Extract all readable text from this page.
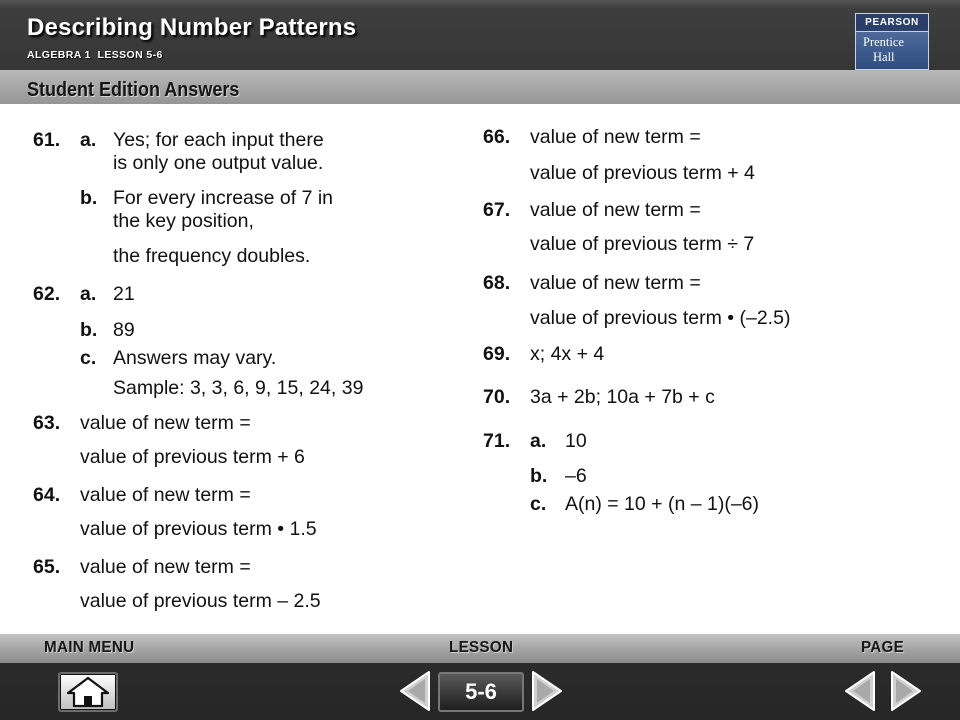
Describing Number Patterns
ALGEBRA 1  LESSON 5-6
Student Edition Answers
PEARSON
Prentice
Hall
61. a. Yes; for each input there
is only one output value.
b. For every increase of 7 in
the key position,
the frequency doubles.
62. a. 21
b. 89
c. Answers may vary.
Sample: 3, 3, 6, 9, 15, 24, 39
63. value of new term =
value of previous term + 6
64. value of new term =
value of previous term • 1.5
65. value of new term =
value of previous term – 2.5
66. value of new term =
value of previous term + 4
67. value of new term =
value of previous term ÷ 7
68. value of new term =
value of previous term • (–2.5)
69. x; 4x + 4
70. 3a + 2b; 10a + 7b + c
71. a. 10
b. –6
c. A(n) = 10 + (n – 1)(–6)
MAIN MENU	LESSON	PAGE
5-6
